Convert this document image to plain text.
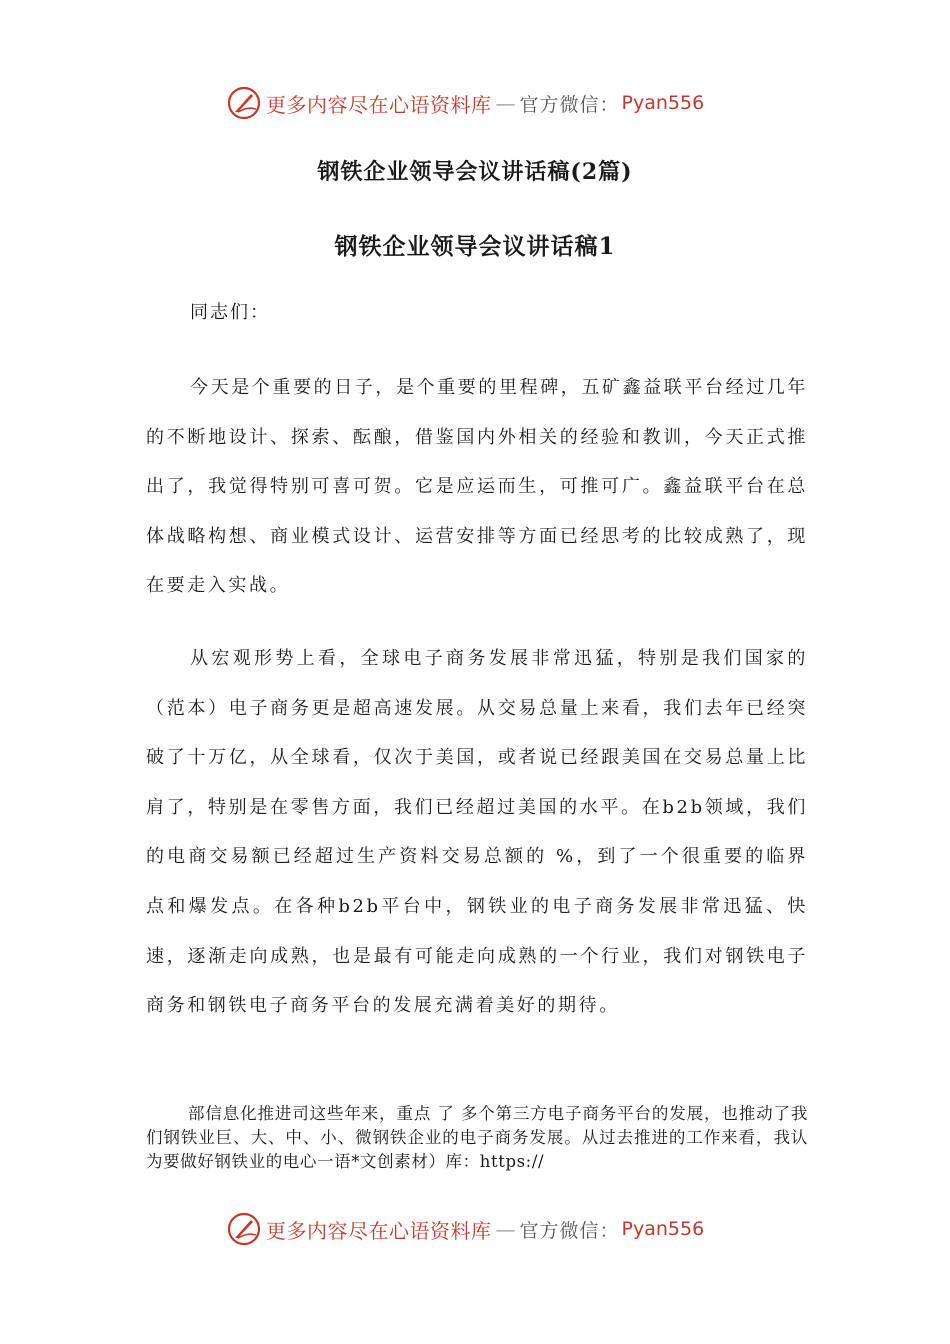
更多内容尽在心语资料库 — 官方微信： Pyan556
钢铁企业领导会议讲话稿(2篇)
钢铁企业领导会议讲话稿1

同志们：

今天是个重要的日子，是个重要的里程碑，五矿鑫益联平台经过几年的不断地设计、探索、酝酿，借鉴国内外相关的经验和教训，今天正式推出了，我觉得特别可喜可贺。它是应运而生，可推可广。鑫益联平台在总体战略构想、商业模式设计、运营安排等方面已经思考的比较成熟了，现在要走入实战。

从宏观形势上看，全球电子商务发展非常迅猛，特别是我们国家的（范本）电子商务更是超高速发展。从交易总量上来看，我们去年已经突破了十万亿，从全球看，仅次于美国，或者说已经跟美国在交易总量上比肩了，特别是在零售方面，我们已经超过美国的水平。在b2b领域，我们的电商交易额已经超过生产资料交易总额的 %，到了一个很重要的临界点和爆发点。在各种b2b平台中，钢铁业的电子商务发展非常迅猛、快速，逐渐走向成熟，也是最有可能走向成熟的一个行业，我们对钢铁电子商务和钢铁电子商务平台的发展充满着美好的期待。

部信息化推进司这些年来，重点 了 多个第三方电子商务平台的发展，也推动了我们钢铁业巨、大、中、小、微钢铁企业的电子商务发展。从过去推进的工作来看，我认为要做好钢铁业的电心一语*文创素材）库：https://

更多内容尽在心语资料库 — 官方微信： Pyan556
